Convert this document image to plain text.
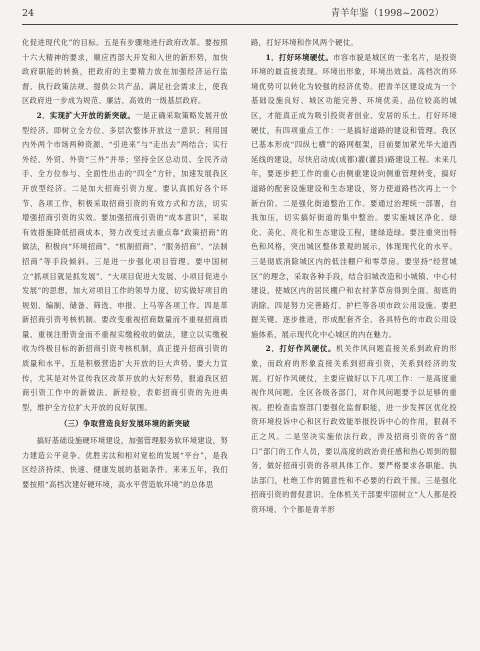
24	青羊年鉴（1998~2002）

化促进现代化”的目标。五是有步骤地进行政府改革。要按照十六大精神的要求，顺应西部大开发和入世的新形势，加快政府职能的转换，把政府的主要精力放在加强经济运行监督、执行政策法规、提供公共产品、满足社会需求上，使我区政府进一步成为规范、廉洁、高效的一级基层政府。

2．实现扩大开放的新突破。一是正确采取策略发展开放型经济。即树立全方位、多层次整体开放这一意识；利用国内外两个市场两种资源、“引进来”与“走出去”两结合；实行外经、外贸、外资“三外”并举；坚持全区总动员、全民齐动手、全方位参与、全面性出击的“四全”方针，加速发展我区开放型经济。二是加大招商引资力度。要认真抓好各个环节、各项工作，积极采取招商引资的有效方式和方法，切实增强招商引资的实效。要加强招商引资的“成本意识”，采取有效措施降低招商成本，努力改变过去重点靠“政策招商”的做法，积极向“环境招商”、“机制招商”、“服务招商”、“法制招商”等手段倾斜。三是进一步强化项目管理。要中国树立“抓项目就是抓发展”、“大项目促进大发展、小项目促进小发展”的思想，加大对项目工作的领导力度，切实做好项目的规划、编制、储备、筛选、申报、上马等各项工作。四是革新招商引资考核机制。要改变重视招商数量而不重视招商质量、重视注册资金而不重视实缴税收的做法，建立以实缴税收为终极目标的新招商引资考核机制，真正提升招商引资的质量和水平。五是积极营造扩大开放的巨大声势。要大力宣传，尤其是对外宣传我区改革开放的大好形势，报道我区招商引资工作中的新做法、新经验，表彰招商引资的先进典型，维护全方位扩大开放的良好氛围。

（三）争取营造良好发展环境的新突破

搞好基础设施硬环境建设，加强管理服务软环境建设，努力建造公平竞争、优胜劣汰和相对宽松的发展“平台”，是我区经济持续、快速、健康发展的基础条件。来来五年，我们要按照“高档次建好硬环境，高水平营造软环境”的总体思

路，打好环境和作风两个硬仗。

1．打好环境硬仗。市容市貌是城区的一张名片，是投资环境的最直接表现。环境出形象，环境出效益。高档次的环境优势可以转化为较强的经济优势。把青羊区建设成为一个基础设施良好、城区功能完善、环境优美、品位较高的城区，才能真正成为吸引投资者创业、安居的乐土。打好环境硬仗，有四项重点工作：一是搞好道路的建设和管理。我区已基本形成“四纵七横”的路网框架，目前要加紧光华大道西延线的建设，尽快启动成(成都)灌(灌县)路建设工程。未来几年，要逐步把工作的重心由侧重建设向侧重管理转变，搞好道路的配套设施建设和生态建设，努力使道路档次再上一个新台阶。二是强化街道整治工作。要通过治理统一部署，自我加压，切实搞好街道的集中整治。要实施城区净化、绿化、美化、亮化和生态建设工程，建绿造绿。要注重突出特色和风格，突出城区整体景观的展示，体现现代化的水平。三是彻底消除城区内的低洼棚户和零草房。要坚持“经营城区”的理念，采取各种手段，结合旧城改造和小城镇、中心村建设，使城区内的居民棚户和农村茅草房得到全面、彻底的消除。四是努力完善路灯、护栏等各项市政公用设施。要把握关键、逐步推进，形成配套齐全、各具特色的市政公用设施体系，展示现代化中心城区的内在魅力。

2．打好作风硬仗。机关作风问题直接关系到政府的形象，而政府的形象直接关系到招商引资，关系到经济的发展。打好作风硬仗，主要应做好以下几项工作：一是高度重视作风问题。全区各级各部门，对作风问题要予以足够的重视。把检查监察部门要强化监督职能，进一步发挥区优化投资环境投诉中心和区行政效能举报投诉中心的作用，狠刹不正之风。二是坚决实施依法行政，涉及招商引资的各“窗口”部门的工作人员，要以高度的政治责任感和热心周到的服务，做好招商引资的各项具体工作。要严格要求各职能、执法部门，杜绝工作的随意性和不必要的行政干预。三是强化招商引资的督促意识。全体机关干部要牢固树立“人人都是投资环境、个个都是青羊形
